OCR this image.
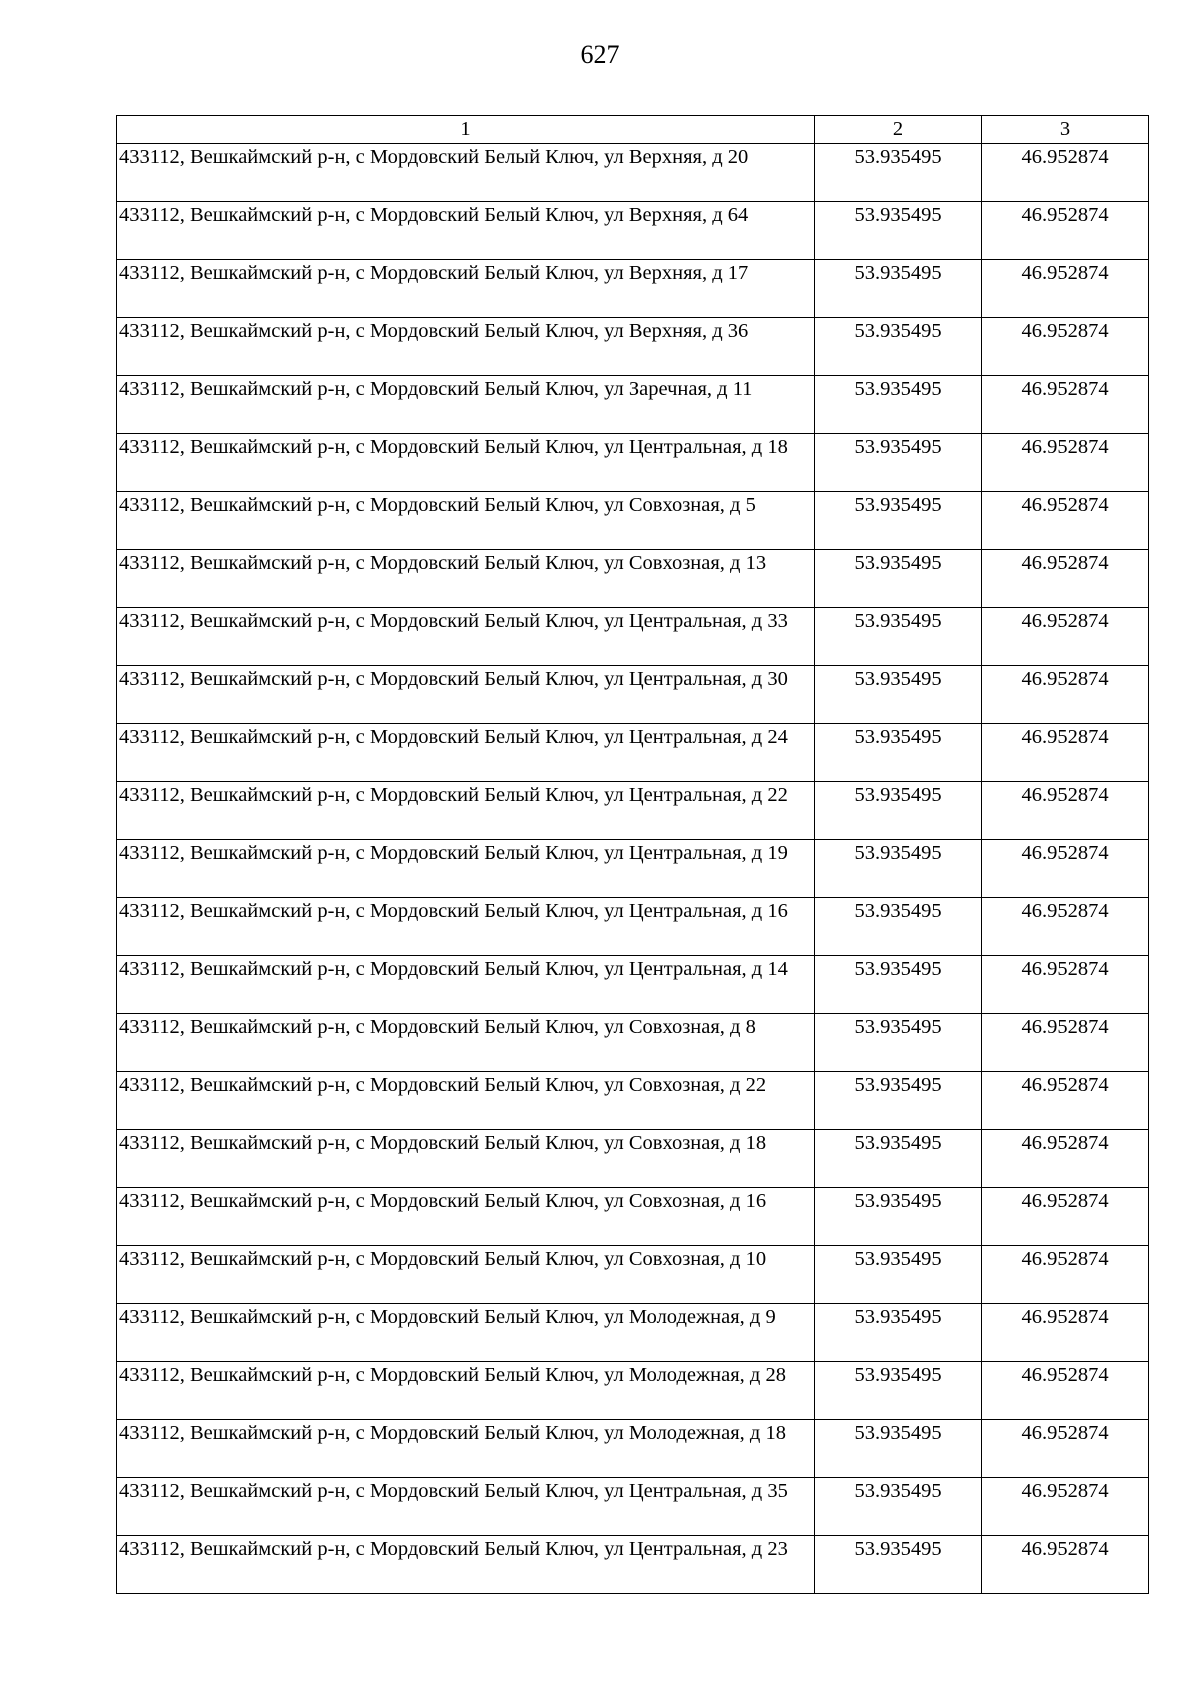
627
1	2	3
433112, Вешкаймский р-н, с Мордовский Белый Ключ, ул Верхняя, д 20	53.935495	46.952874
433112, Вешкаймский р-н, с Мордовский Белый Ключ, ул Верхняя, д 64	53.935495	46.952874
433112, Вешкаймский р-н, с Мордовский Белый Ключ, ул Верхняя, д 17	53.935495	46.952874
433112, Вешкаймский р-н, с Мордовский Белый Ключ, ул Верхняя, д 36	53.935495	46.952874
433112, Вешкаймский р-н, с Мордовский Белый Ключ, ул Заречная, д 11	53.935495	46.952874
433112, Вешкаймский р-н, с Мордовский Белый Ключ, ул Центральная, д 18	53.935495	46.952874
433112, Вешкаймский р-н, с Мордовский Белый Ключ, ул Совхозная, д 5	53.935495	46.952874
433112, Вешкаймский р-н, с Мордовский Белый Ключ, ул Совхозная, д 13	53.935495	46.952874
433112, Вешкаймский р-н, с Мордовский Белый Ключ, ул Центральная, д 33	53.935495	46.952874
433112, Вешкаймский р-н, с Мордовский Белый Ключ, ул Центральная, д 30	53.935495	46.952874
433112, Вешкаймский р-н, с Мордовский Белый Ключ, ул Центральная, д 24	53.935495	46.952874
433112, Вешкаймский р-н, с Мордовский Белый Ключ, ул Центральная, д 22	53.935495	46.952874
433112, Вешкаймский р-н, с Мордовский Белый Ключ, ул Центральная, д 19	53.935495	46.952874
433112, Вешкаймский р-н, с Мордовский Белый Ключ, ул Центральная, д 16	53.935495	46.952874
433112, Вешкаймский р-н, с Мордовский Белый Ключ, ул Центральная, д 14	53.935495	46.952874
433112, Вешкаймский р-н, с Мордовский Белый Ключ, ул Совхозная, д 8	53.935495	46.952874
433112, Вешкаймский р-н, с Мордовский Белый Ключ, ул Совхозная, д 22	53.935495	46.952874
433112, Вешкаймский р-н, с Мордовский Белый Ключ, ул Совхозная, д 18	53.935495	46.952874
433112, Вешкаймский р-н, с Мордовский Белый Ключ, ул Совхозная, д 16	53.935495	46.952874
433112, Вешкаймский р-н, с Мордовский Белый Ключ, ул Совхозная, д 10	53.935495	46.952874
433112, Вешкаймский р-н, с Мордовский Белый Ключ, ул Молодежная, д 9	53.935495	46.952874
433112, Вешкаймский р-н, с Мордовский Белый Ключ, ул Молодежная, д 28	53.935495	46.952874
433112, Вешкаймский р-н, с Мордовский Белый Ключ, ул Молодежная, д 18	53.935495	46.952874
433112, Вешкаймский р-н, с Мордовский Белый Ключ, ул Центральная, д 35	53.935495	46.952874
433112, Вешкаймский р-н, с Мордовский Белый Ключ, ул Центральная, д 23	53.935495	46.952874
